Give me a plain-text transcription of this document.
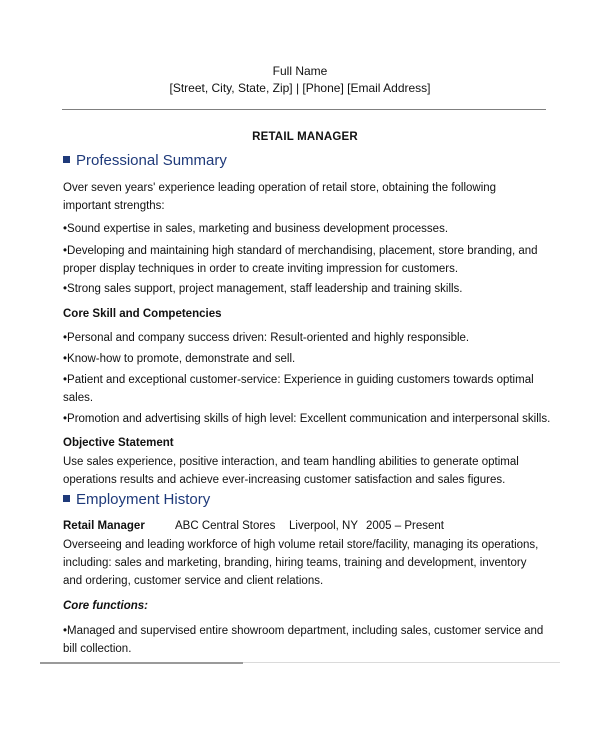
Full Name
[Street, City, State, Zip] | [Phone] [Email Address]
RETAIL MANAGER
Professional Summary
Over seven years' experience leading operation of retail store, obtaining the following important strengths:
•Sound expertise in sales, marketing and business development processes.
•Developing and maintaining high standard of merchandising, placement, store branding, and proper display techniques in order to create inviting impression for customers.
•Strong sales support, project management, staff leadership and training skills.
Core Skill and Competencies
•Personal and company success driven: Result-oriented and highly responsible.
•Know-how to promote, demonstrate and sell.
•Patient and exceptional customer-service: Experience in guiding customers towards optimal sales.
•Promotion and advertising skills of high level: Excellent communication and interpersonal skills.
Objective Statement
Use sales experience, positive interaction, and team handling abilities to generate optimal operations results and achieve ever-increasing customer satisfaction and sales figures.
Employment History
Retail Manager	ABC Central Stores Liverpool, NY 2005 – Present
Overseeing and leading workforce of high volume retail store/facility, managing its operations, including: sales and marketing, branding, hiring teams, training and development, inventory and ordering, customer service and client relations.
Core functions:
•Managed and supervised entire showroom department, including sales, customer service and bill collection.
